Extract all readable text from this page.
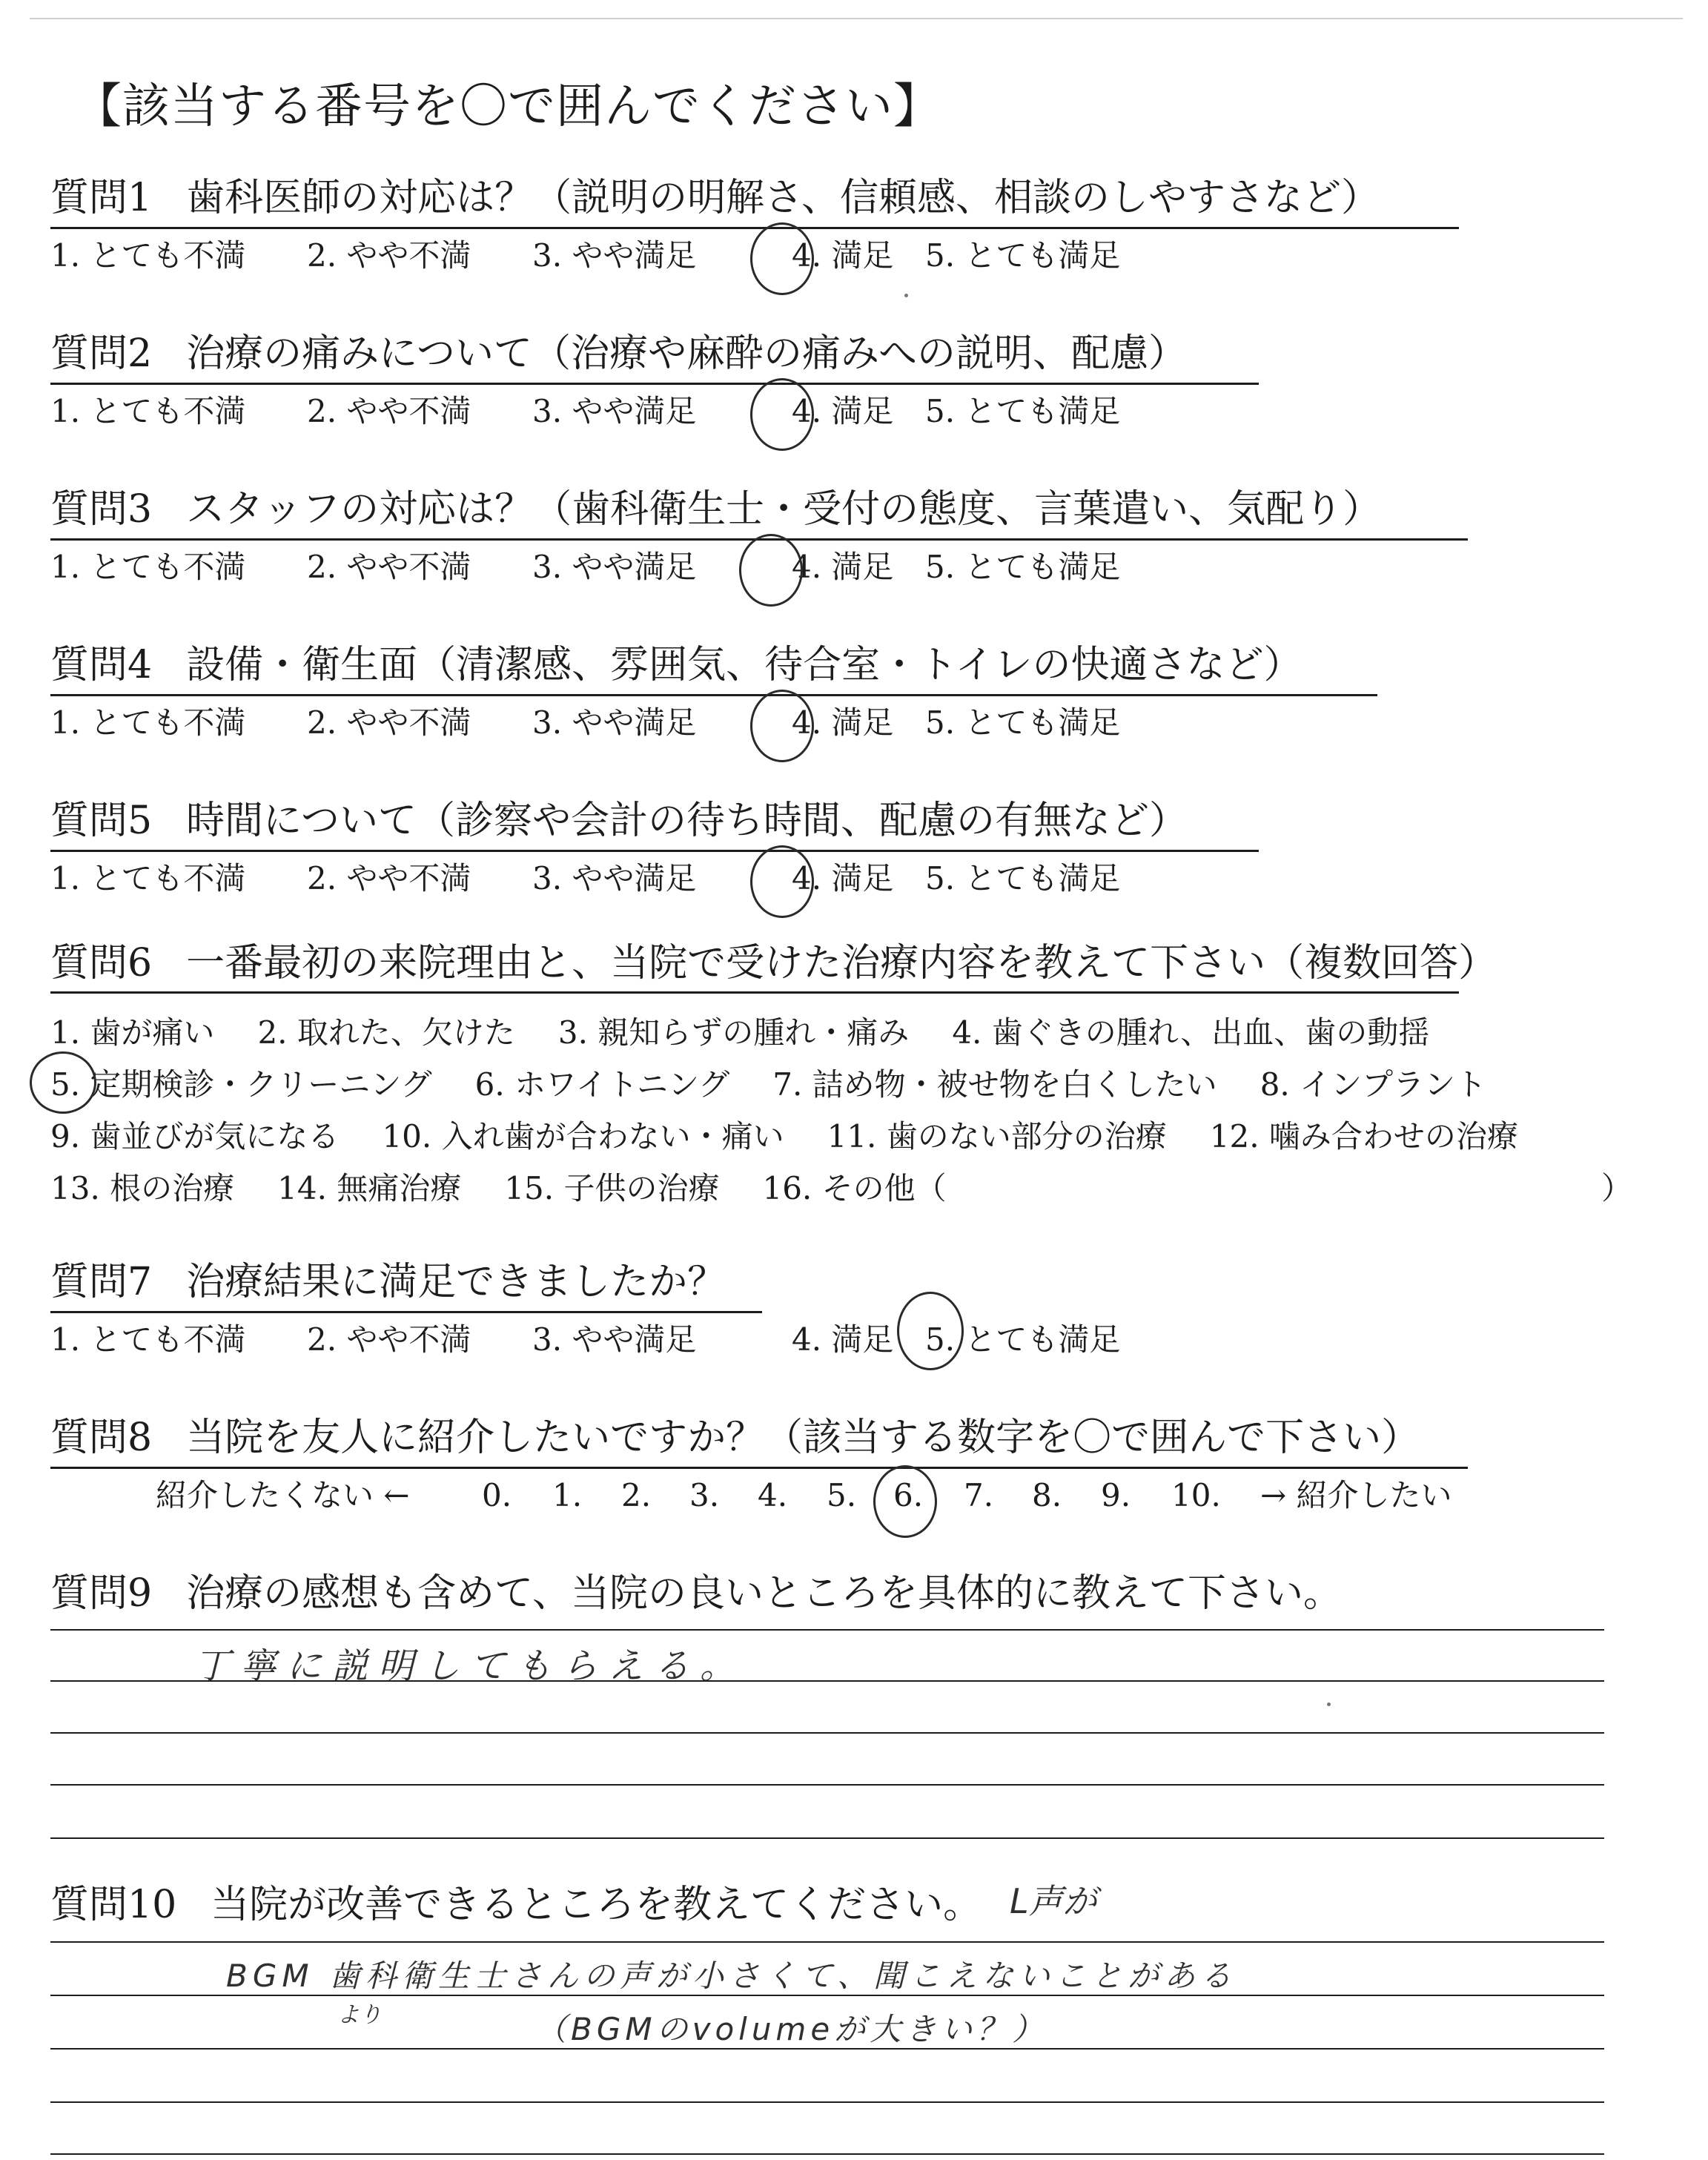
【該当する番号を〇で囲んでください】
質問1 歯科医師の対応は？（説明の明解さ、信頼感、相談のしやすさなど）
1. とても不満 2. やや不満 3. やや満足	4. 満足 5. とても満足
質問2 治療の痛みについて（治療や麻酔の痛みへの説明、配慮）
1. とても不満 2. やや不満 3. やや満足	4. 満足 5. とても満足
質問3 スタッフの対応は？（歯科衛生士・受付の態度、言葉遣い、気配り）
1. とても不満 2. やや不満 3. やや満足	4. 満足 5. とても満足
質問4 設備・衛生面（清潔感、雰囲気、待合室・トイレの快適さなど）
1. とても不満 2. やや不満 3. やや満足	4. 満足 5. とても満足
質問5 時間について（診察や会計の待ち時間、配慮の有無など）
1. とても不満 2. やや不満 3. やや満足	4. 満足 5. とても満足
質問6 一番最初の来院理由と、当院で受けた治療内容を教えて下さい（複数回答）
1. 歯が痛い 2. 取れた、欠けた 3. 親知らずの腫れ・痛み 4. 歯ぐきの腫れ、出血、歯の動揺
5. 定期検診・クリーニング 6. ホワイトニング 7. 詰め物・被せ物を白くしたい 8. インプラント
9. 歯並びが気になる 10. 入れ歯が合わない・痛い 11. 歯のない部分の治療 12. 噛み合わせの治療
13. 根の治療 14. 無痛治療 15. 子供の治療 16. その他（	）
質問7 治療結果に満足できましたか？
1. とても不満 2. やや不満 3. やや満足	4. 満足 5. とても満足
質問8 当院を友人に紹介したいですか？（該当する数字を〇で囲んで下さい）
紹介したくない ← 0. 1. 2. 3. 4. 5. 6. 7. 8. 9. 10. → 紹介したい
質問9 治療の感想も含めて、当院の良いところを具体的に教えて下さい。
丁寧に説明してもらえる。
質問10 当院が改善できるところを教えてください。 L声が
BGM 歯科衛生士さんの声が小さくて、聞こえないことがある
より	（BGMのvolumeが大きい？）
